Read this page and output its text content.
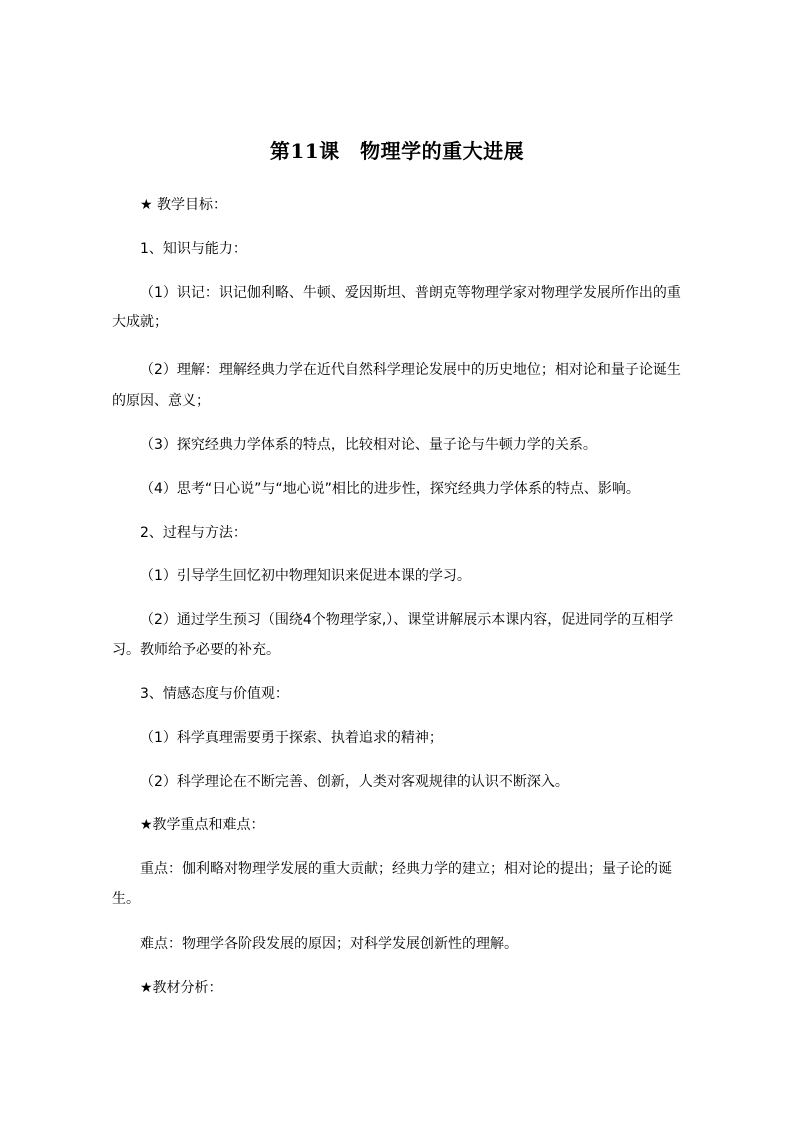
第11课　物理学的重大进展
★ 教学目标：
1、知识与能力：
（1）识记：识记伽利略、牛顿、爱因斯坦、普朗克等物理学家对物理学发展所作出的重
大成就；
（2）理解：理解经典力学在近代自然科学理论发展中的历史地位；相对论和量子论诞生
的原因、意义；
（3）探究经典力学体系的特点，比较相对论、量子论与牛顿力学的关系。
（4）思考“日心说”与“地心说”相比的进步性，探究经典力学体系的特点、影响。
2、过程与方法：
（1）引导学生回忆初中物理知识来促进本课的学习。
（2）通过学生预习（围绕4个物理学家,）、课堂讲解展示本课内容，促进同学的互相学
习。教师给予必要的补充。
3、情感态度与价值观：
（1）科学真理需要勇于探索、执着追求的精神；
（2）科学理论在不断完善、创新，人类对客观规律的认识不断深入。
★教学重点和难点：
重点：伽利略对物理学发展的重大贡献；经典力学的建立；相对论的提出；量子论的诞
生。
难点：物理学各阶段发展的原因；对科学发展创新性的理解。
★教材分析：
